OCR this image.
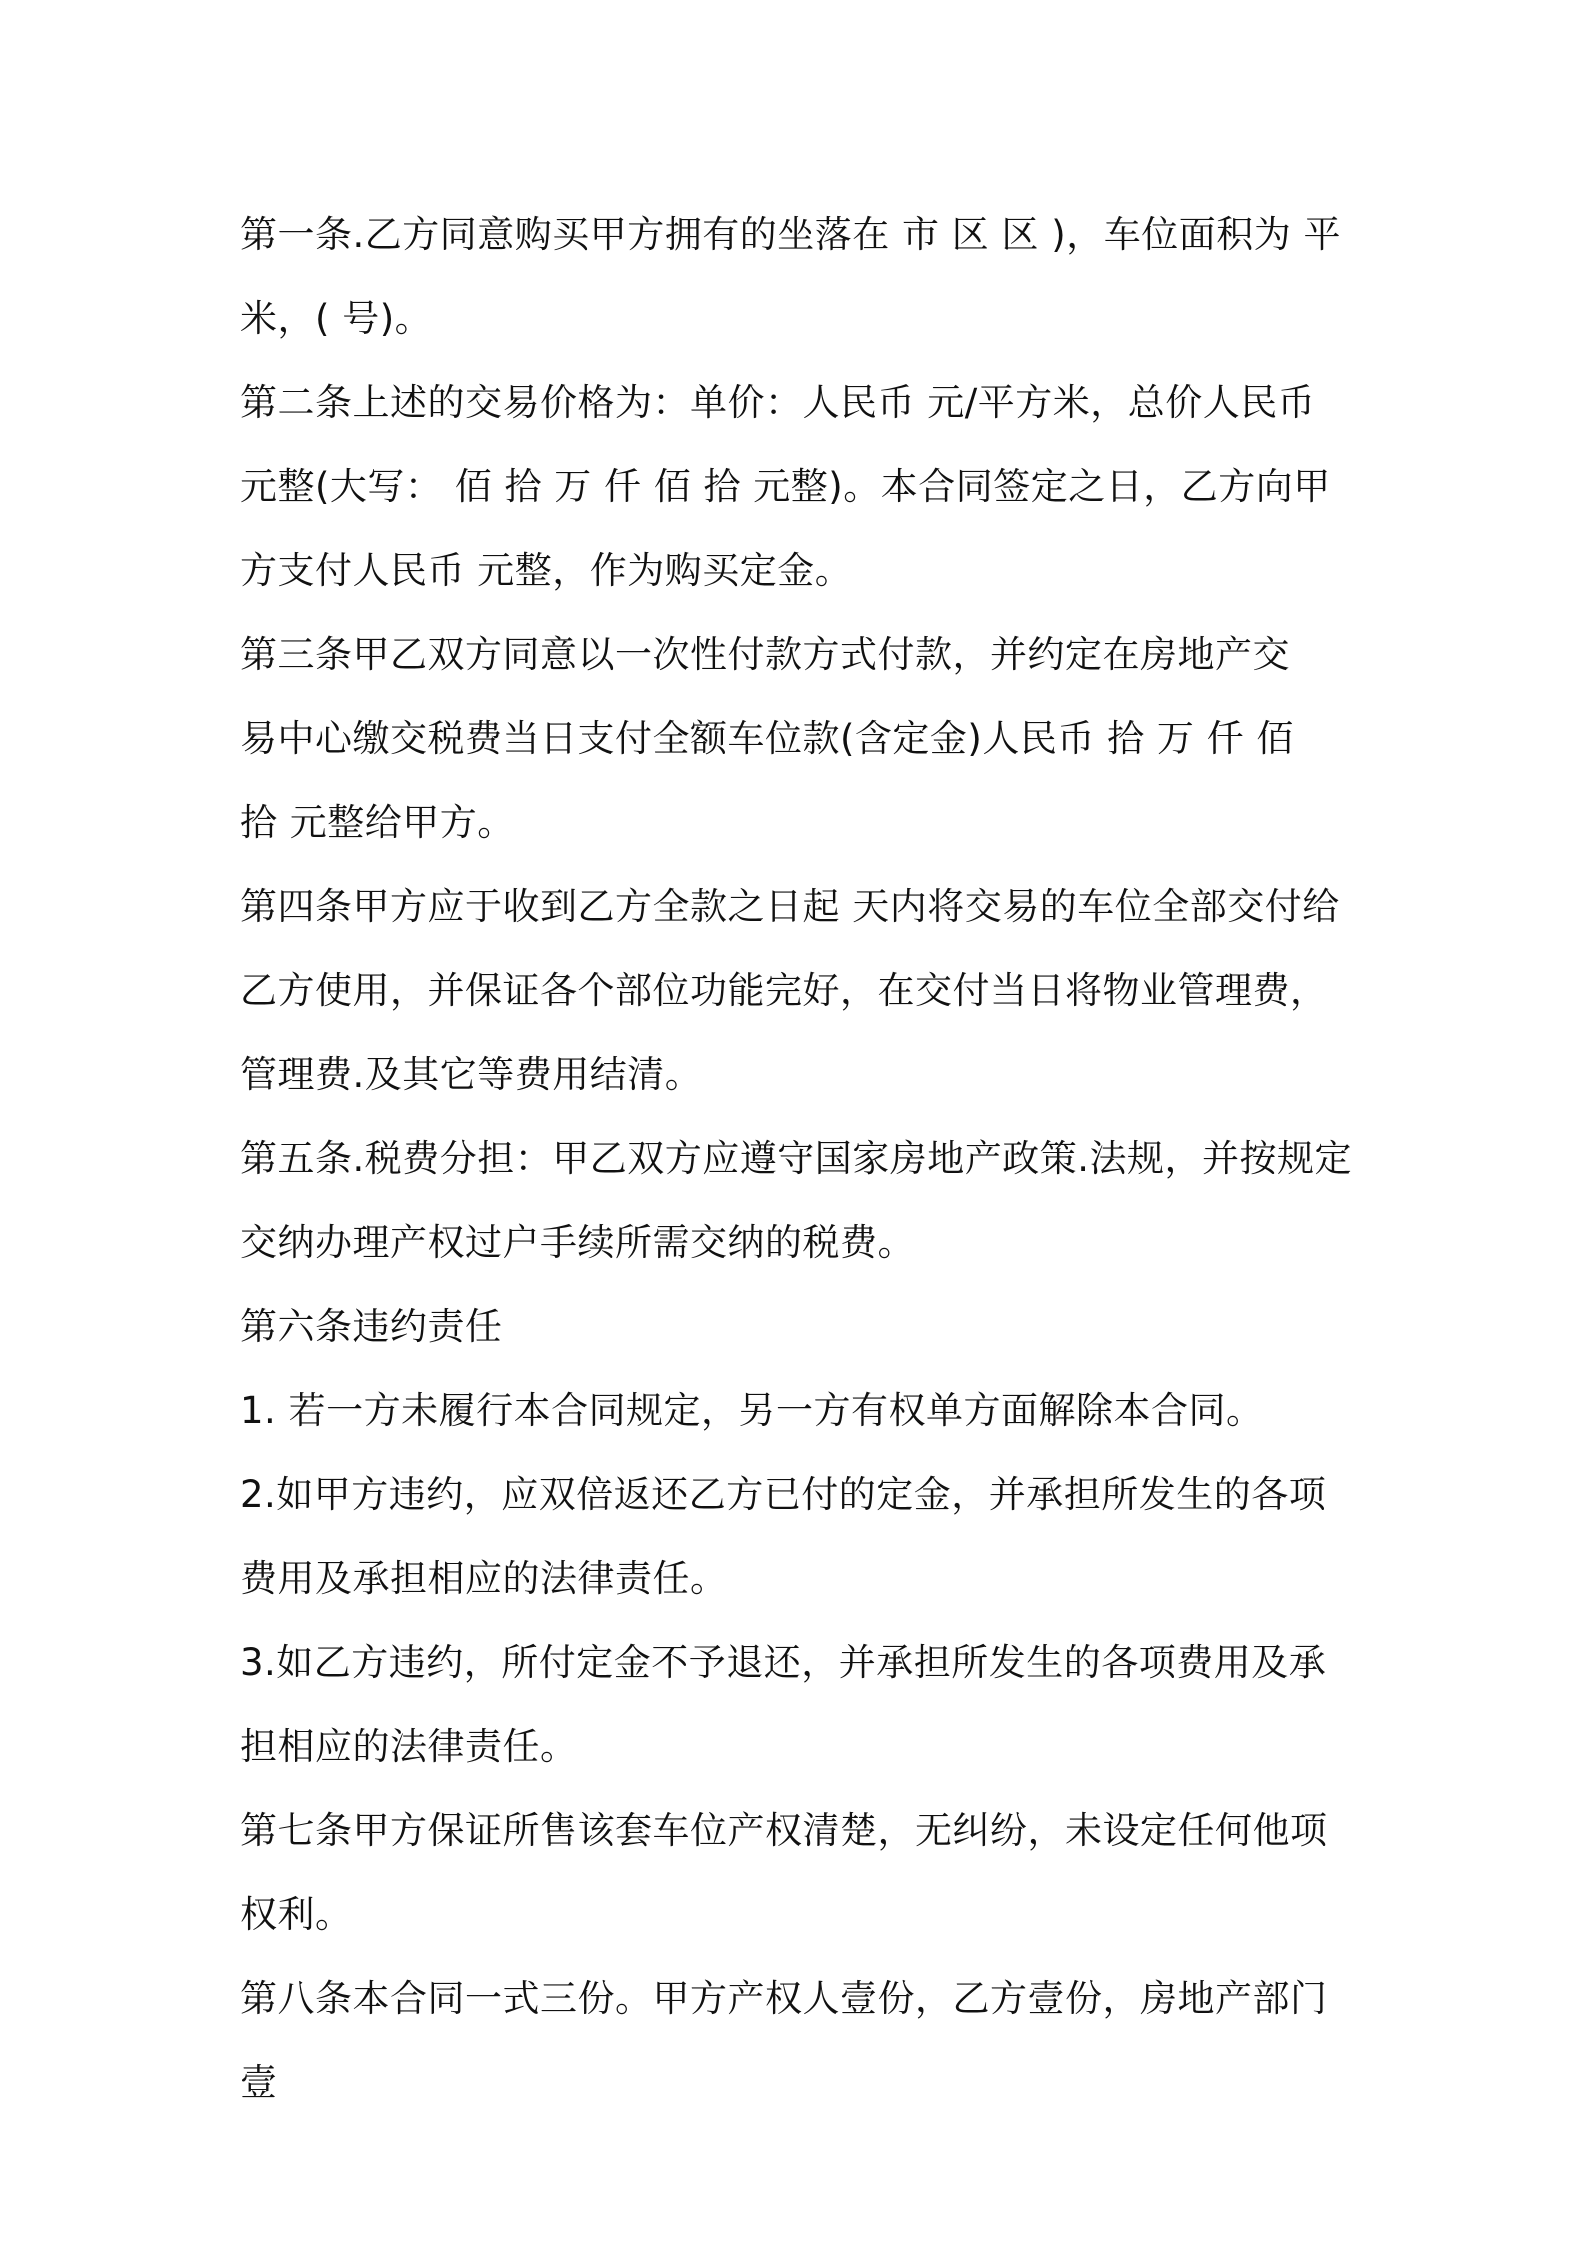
第一条.乙方同意购买甲方拥有的坐落在 市 区 区 )，车位面积为 平米，( 号)。

第二条上述的交易价格为：单价：人民币 元/平方米，总价人民币 元整(大写： 佰 拾 万 仟 佰 拾 元整)。本合同签定之日，乙方向甲方支付人民币 元整，作为购买定金。

第三条甲乙双方同意以一次性付款方式付款，并约定在房地产交易中心缴交税费当日支付全额车位款(含定金)人民币 拾 万 仟 佰 拾 元整给甲方。

第四条甲方应于收到乙方全款之日起 天内将交易的车位全部交付给乙方使用，并保证各个部位功能完好，在交付当日将物业管理费，管理费.及其它等费用结清。

第五条.税费分担：甲乙双方应遵守国家房地产政策.法规，并按规定交纳办理产权过户手续所需交纳的税费。

第六条违约责任

1. 若一方未履行本合同规定，另一方有权单方面解除本合同。

2.如甲方违约，应双倍返还乙方已付的定金，并承担所发生的各项费用及承担相应的法律责任。

3.如乙方违约，所付定金不予退还，并承担所发生的各项费用及承担相应的法律责任。

第七条甲方保证所售该套车位产权清楚，无纠纷，未设定任何他项权利。

第八条本合同一式三份。甲方产权人壹份，乙方壹份，房地产部门壹
